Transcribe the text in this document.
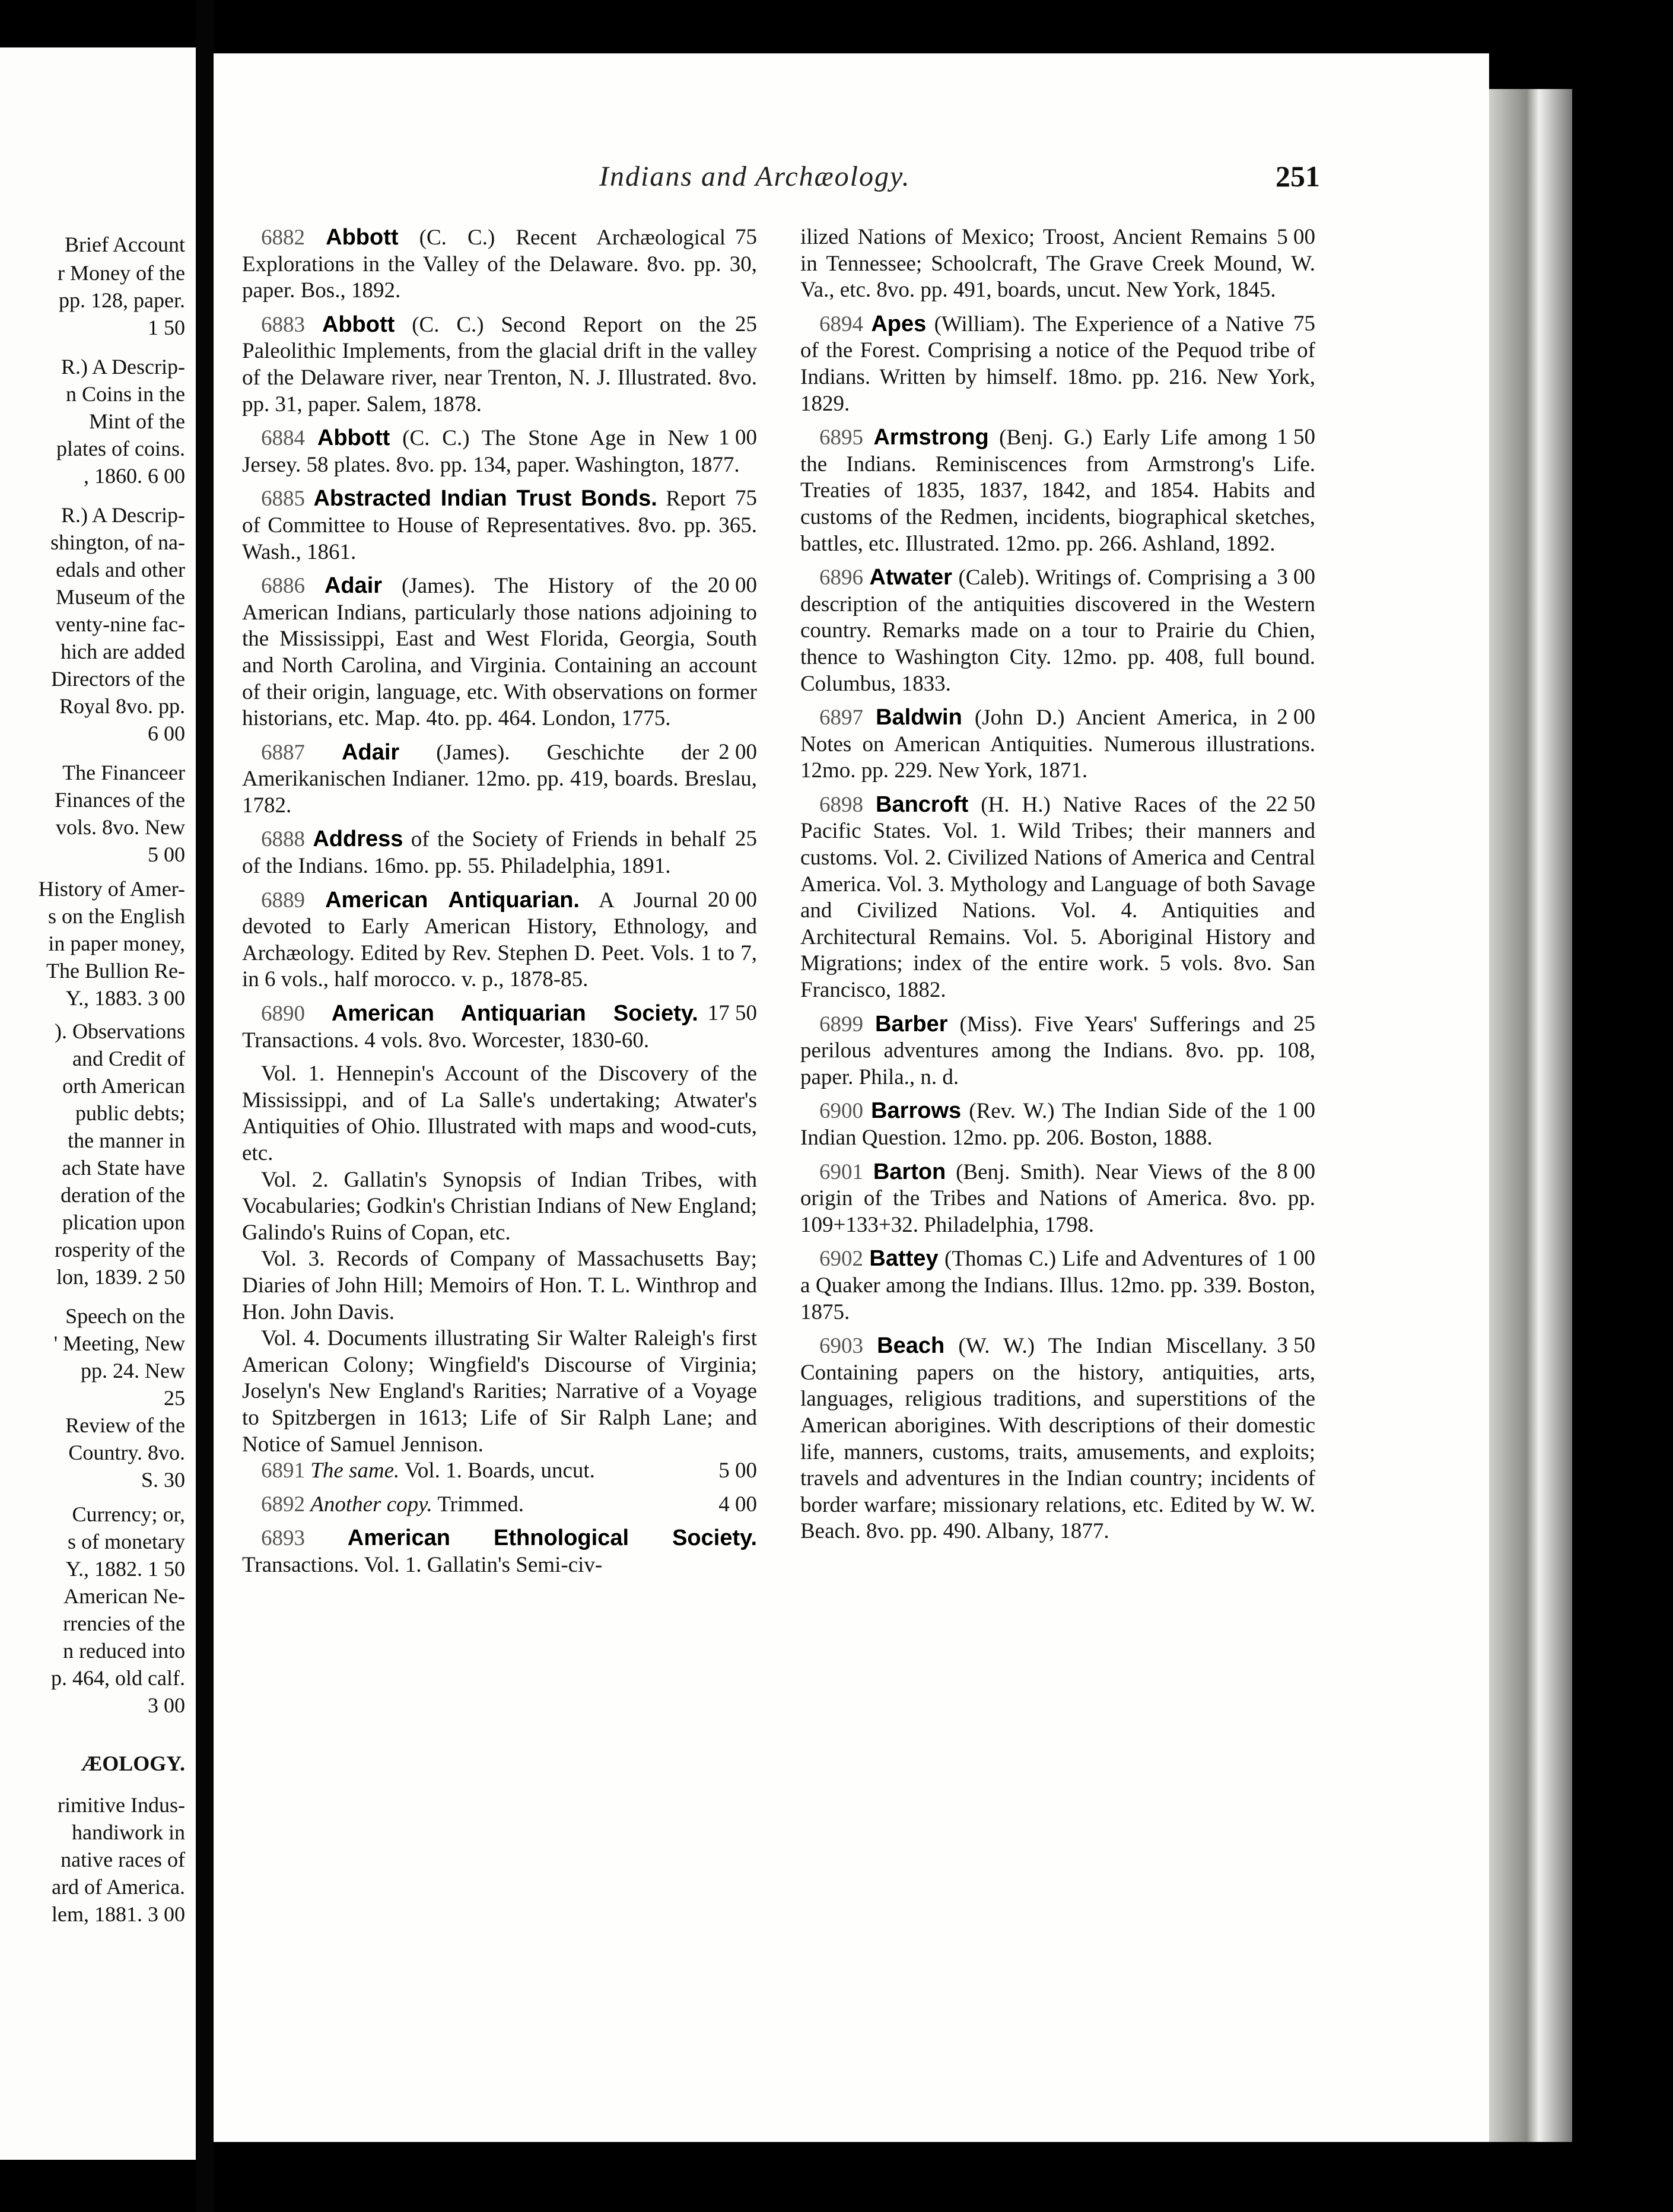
Brief Account
r Money of the
pp. 128, paper.
1 50
R.) A Descrip-
n Coins in the
Mint of the
plates of coins.
, 1860. 6 00
R.) A Descrip-
shington, of na-
edals and other
Museum of the
venty-nine fac-
hich are added
Directors of the
Royal 8vo. pp.
6 00
The Financeer
Finances of the
vols. 8vo. New
5 00
History of Amer-
s on the English
in paper money,
The Bullion Re-
Y., 1883. 3 00
). Observations
and Credit of
orth American
public debts;
the manner in
ach State have
deration of the
plication upon
rosperity of the
lon, 1839. 2 50
Speech on the
' Meeting, New
pp. 24. New
25
Review of the
Country. 8vo.
S. 30
Currency; or,
s of monetary
Y., 1882. 1 50
American Ne-
rrencies of the
n reduced into
p. 464, old calf.
3 00
ÆOLOGY.
rimitive Indus-
handiwork in
native races of
ard of America.
lem, 1881. 3 00
Indians and Archæology.	251

75
6882 Abbott (C. C.) Recent Archæological Explorations in the Valley of the Delaware. 8vo. pp. 30, paper. Bos., 1892.

25
6883 Abbott (C. C.) Second Report on the Paleolithic Implements, from the glacial drift in the valley of the Delaware river, near Trenton, N. J. Illustrated. 8vo. pp. 31, paper. Salem, 1878.

1 00
6884 Abbott (C. C.) The Stone Age in New Jersey. 58 plates. 8vo. pp. 134, paper. Washington, 1877.

75
6885 Abstracted Indian Trust Bonds. Report of Committee to House of Representatives. 8vo. pp. 365. Wash., 1861.

20 00
6886 Adair (James). The History of the American Indians, particularly those nations adjoining to the Mississippi, East and West Florida, Georgia, South and North Carolina, and Virginia. Containing an account of their origin, language, etc. With observations on former historians, etc. Map. 4to. pp. 464. London, 1775.

2 00
6887 Adair (James). Geschichte der Amerikanischen Indianer. 12mo. pp. 419, boards. Breslau, 1782.

25
6888 Address of the Society of Friends in behalf of the Indians. 16mo. pp. 55. Philadelphia, 1891.

20 00
6889 American Antiquarian. A Journal devoted to Early American History, Ethnology, and Archæology. Edited by Rev. Stephen D. Peet. Vols. 1 to 7, in 6 vols., half morocco. v. p., 1878-85.

17 50
6890 American Antiquarian Society. Transactions. 4 vols. 8vo. Worcester, 1830-60.

Vol. 1. Hennepin's Account of the Discovery of the Mississippi, and of La Salle's undertaking; Atwater's Antiquities of Ohio. Illustrated with maps and wood-cuts, etc.

Vol. 2. Gallatin's Synopsis of Indian Tribes, with Vocabularies; Godkin's Christian Indians of New England; Galindo's Ruins of Copan, etc.

Vol. 3. Records of Company of Massachusetts Bay; Diaries of John Hill; Memoirs of Hon. T. L. Winthrop and Hon. John Davis.

Vol. 4. Documents illustrating Sir Walter Raleigh's first American Colony; Wingfield's Discourse of Virginia; Joselyn's New England's Rarities; Narrative of a Voyage to Spitzbergen in 1613; Life of Sir Ralph Lane; and Notice of Samuel Jennison.

5 00
6891 The same. Vol. 1. Boards, uncut.

4 00
6892 Another copy. Trimmed.

6893 American Ethnological Society. Transactions. Vol. 1. Gallatin's Semi-civ-

5 00
ilized Nations of Mexico; Troost, Ancient Remains in Tennessee; Schoolcraft, The Grave Creek Mound, W. Va., etc. 8vo. pp. 491, boards, uncut. New York, 1845.

75
6894 Apes (William). The Experience of a Native of the Forest. Comprising a notice of the Pequod tribe of Indians. Written by himself. 18mo. pp. 216. New York, 1829.

1 50
6895 Armstrong (Benj. G.) Early Life among the Indians. Reminiscences from Armstrong's Life. Treaties of 1835, 1837, 1842, and 1854. Habits and customs of the Redmen, incidents, biographical sketches, battles, etc. Illustrated. 12mo. pp. 266. Ashland, 1892.

3 00
6896 Atwater (Caleb). Writings of. Comprising a description of the antiquities discovered in the Western country. Remarks made on a tour to Prairie du Chien, thence to Washington City. 12mo. pp. 408, full bound. Columbus, 1833.

2 00
6897 Baldwin (John D.) Ancient America, in Notes on American Antiquities. Numerous illustrations. 12mo. pp. 229. New York, 1871.

22 50
6898 Bancroft (H. H.) Native Races of the Pacific States. Vol. 1. Wild Tribes; their manners and customs. Vol. 2. Civilized Nations of America and Central America. Vol. 3. Mythology and Language of both Savage and Civilized Nations. Vol. 4. Antiquities and Architectural Remains. Vol. 5. Aboriginal History and Migrations; index of the entire work. 5 vols. 8vo. San Francisco, 1882.

25
6899 Barber (Miss). Five Years' Sufferings and perilous adventures among the Indians. 8vo. pp. 108, paper. Phila., n. d.

1 00
6900 Barrows (Rev. W.) The Indian Side of the Indian Question. 12mo. pp. 206. Boston, 1888.

8 00
6901 Barton (Benj. Smith). Near Views of the origin of the Tribes and Nations of America. 8vo. pp. 109+133+32. Philadelphia, 1798.

1 00
6902 Battey (Thomas C.) Life and Adventures of a Quaker among the Indians. Illus. 12mo. pp. 339. Boston, 1875.

3 50
6903 Beach (W. W.) The Indian Miscellany. Containing papers on the history, antiquities, arts, languages, religious traditions, and superstitions of the American aborigines. With descriptions of their domestic life, manners, customs, traits, amusements, and exploits; travels and adventures in the Indian country; incidents of border warfare; missionary relations, etc. Edited by W. W. Beach. 8vo. pp. 490. Albany, 1877.
